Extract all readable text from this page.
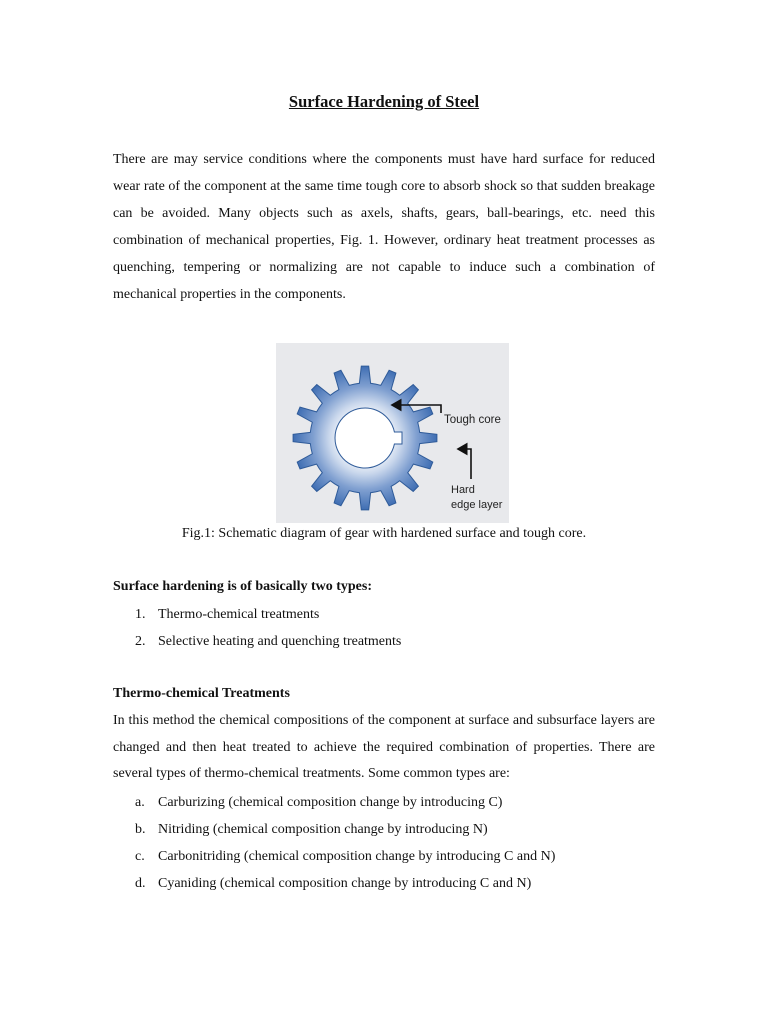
Surface Hardening of Steel

There are may service conditions where the components must have hard surface for reduced wear rate of the component at the same time tough core to absorb shock so that sudden breakage can be avoided. Many objects such as axels, shafts, gears, ball-bearings, etc. need this combination of mechanical properties, Fig. 1. However, ordinary heat treatment processes as quenching, tempering or normalizing are not capable to induce such a combination of mechanical properties in the components.

Tough core
Hard
edge layer

Fig.1: Schematic diagram of gear with hardened surface and tough core.

Surface hardening is of basically two types:

1. Thermo-chemical treatments
2. Selective heating and quenching treatments

Thermo-chemical Treatments

In this method the chemical compositions of the component at surface and subsurface layers are changed and then heat treated to achieve the required combination of properties. There are several types of thermo-chemical treatments. Some common types are:

a. Carburizing (chemical composition change by introducing C)
b. Nitriding (chemical composition change by introducing N)
c. Carbonitriding (chemical composition change by introducing C and N)
d. Cyaniding (chemical composition change by introducing C and N)
